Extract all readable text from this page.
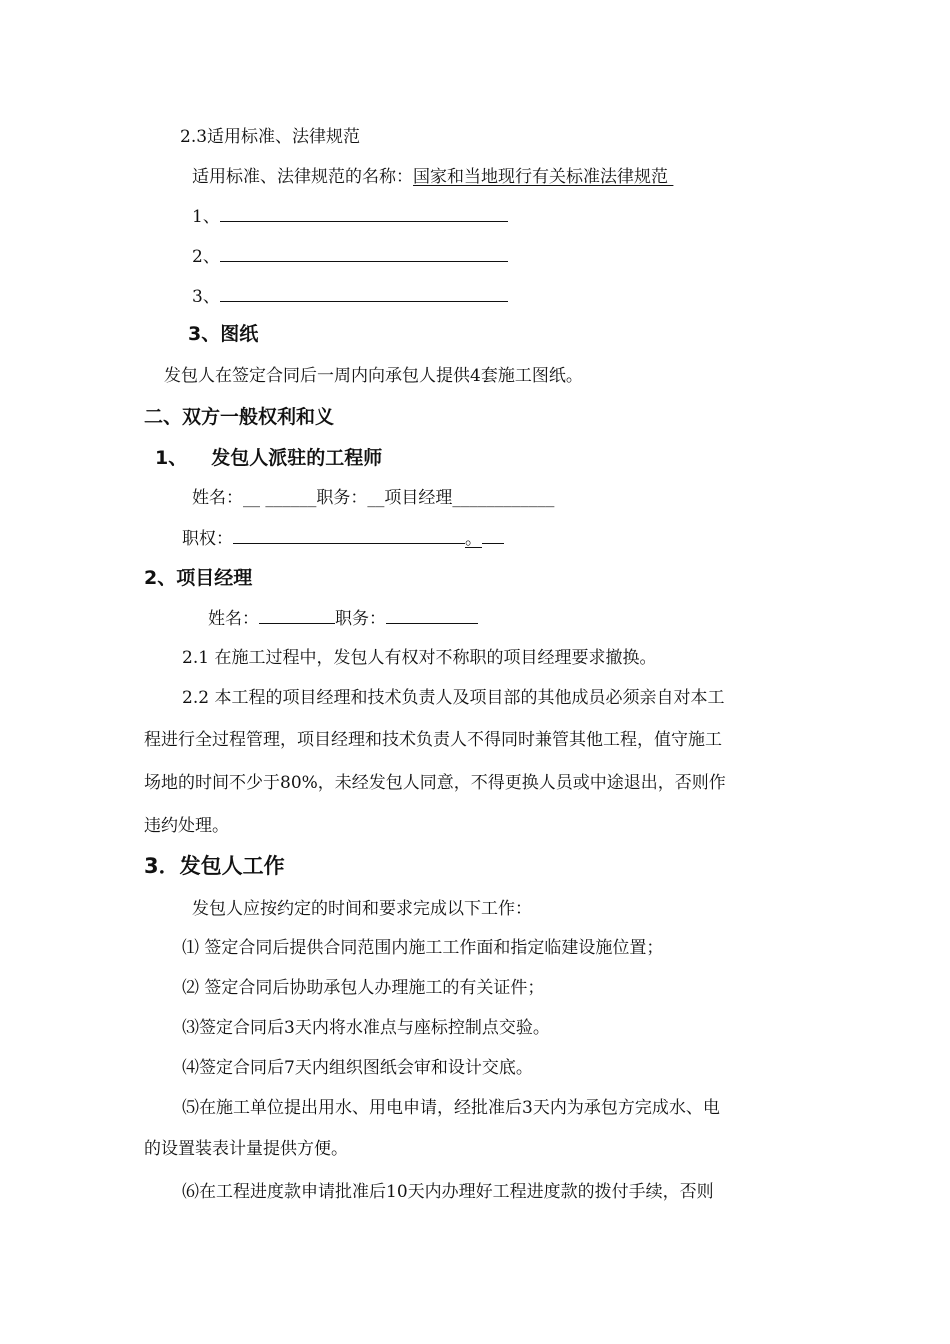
2.3适用标准、法律规范
适用标准、法律规范的名称：国家和当地现行有关标准法律规范
1、
2、
3、
3、图纸
发包人在签定合同后一周内向承包人提供4套施工图纸。
二、双方一般权利和义
1、 发包人派驻的工程师
姓名：__ ______职务：__项目经理____________
职权：	。
2、项目经理
姓名：	职务：
2.1 在施工过程中，发包人有权对不称职的项目经理要求撤换。
2.2 本工程的项目经理和技术负责人及项目部的其他成员必须亲自对本工
程进行全过程管理，项目经理和技术负责人不得同时兼管其他工程，值守施工
场地的时间不少于80%，未经发包人同意，不得更换人员或中途退出，否则作
违约处理。
3．发包人工作
发包人应按约定的时间和要求完成以下工作：
⑴ 签定合同后提供合同范围内施工工作面和指定临建设施位置；
⑵ 签定合同后协助承包人办理施工的有关证件；
⑶签定合同后3天内将水准点与座标控制点交验。
⑷签定合同后7天内组织图纸会审和设计交底。
⑸在施工单位提出用水、用电申请，经批准后3天内为承包方完成水、电
的设置装表计量提供方便。
⑹在工程进度款申请批准后10天内办理好工程进度款的拨付手续，否则
